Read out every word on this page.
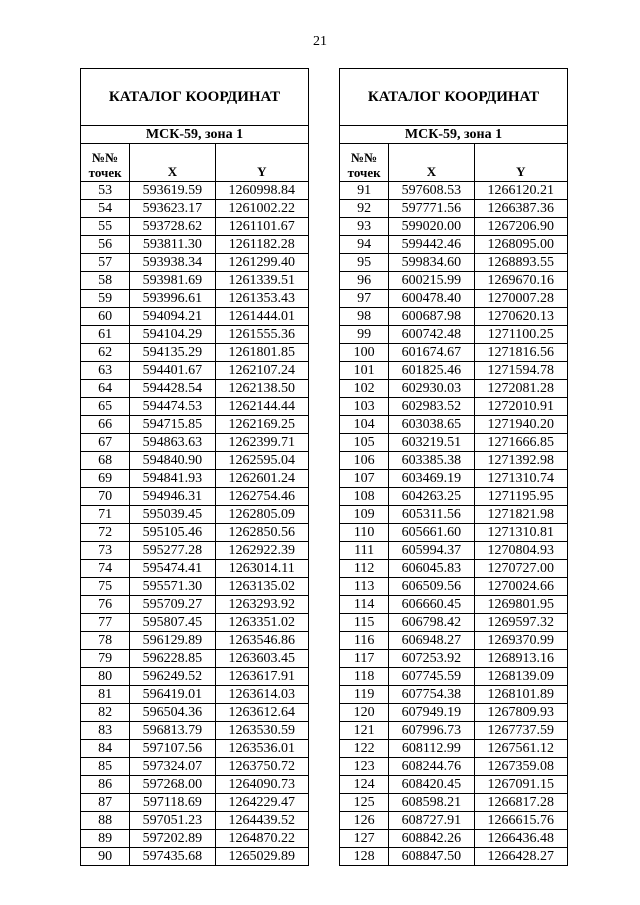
21
КАТАЛОГ КООРДИНАТ		
МСК-59, зона 1		

№№
точек	X	Y
53	593619.59	1260998.84
54	593623.17	1261002.22
55	593728.62	1261101.67
56	593811.30	1261182.28
57	593938.34	1261299.40
58	593981.69	1261339.51
59	593996.61	1261353.43
60	594094.21	1261444.01
61	594104.29	1261555.36
62	594135.29	1261801.85
63	594401.67	1262107.24
64	594428.54	1262138.50
65	594474.53	1262144.44
66	594715.85	1262169.25
67	594863.63	1262399.71
68	594840.90	1262595.04
69	594841.93	1262601.24
70	594946.31	1262754.46
71	595039.45	1262805.09
72	595105.46	1262850.56
73	595277.28	1262922.39
74	595474.41	1263014.11
75	595571.30	1263135.02
76	595709.27	1263293.92
77	595807.45	1263351.02
78	596129.89	1263546.86
79	596228.85	1263603.45
80	596249.52	1263617.91
81	596419.01	1263614.03
82	596504.36	1263612.64
83	596813.79	1263530.59
84	597107.56	1263536.01
85	597324.07	1263750.72
86	597268.00	1264090.73
87	597118.69	1264229.47
88	597051.23	1264439.52
89	597202.89	1264870.22
90	597435.68	1265029.89
КАТАЛОГ КООРДИНАТ		
МСК-59, зона 1		

№№
точек	X	Y
91	597608.53	1266120.21
92	597771.56	1266387.36
93	599020.00	1267206.90
94	599442.46	1268095.00
95	599834.60	1268893.55
96	600215.99	1269670.16
97	600478.40	1270007.28
98	600687.98	1270620.13
99	600742.48	1271100.25
100	601674.67	1271816.56
101	601825.46	1271594.78
102	602930.03	1272081.28
103	602983.52	1272010.91
104	603038.65	1271940.20
105	603219.51	1271666.85
106	603385.38	1271392.98
107	603469.19	1271310.74
108	604263.25	1271195.95
109	605311.56	1271821.98
110	605661.60	1271310.81
111	605994.37	1270804.93
112	606045.83	1270727.00
113	606509.56	1270024.66
114	606660.45	1269801.95
115	606798.42	1269597.32
116	606948.27	1269370.99
117	607253.92	1268913.16
118	607745.59	1268139.09
119	607754.38	1268101.89
120	607949.19	1267809.93
121	607996.73	1267737.59
122	608112.99	1267561.12
123	608244.76	1267359.08
124	608420.45	1267091.15
125	608598.21	1266817.28
126	608727.91	1266615.76
127	608842.26	1266436.48
128	608847.50	1266428.27
